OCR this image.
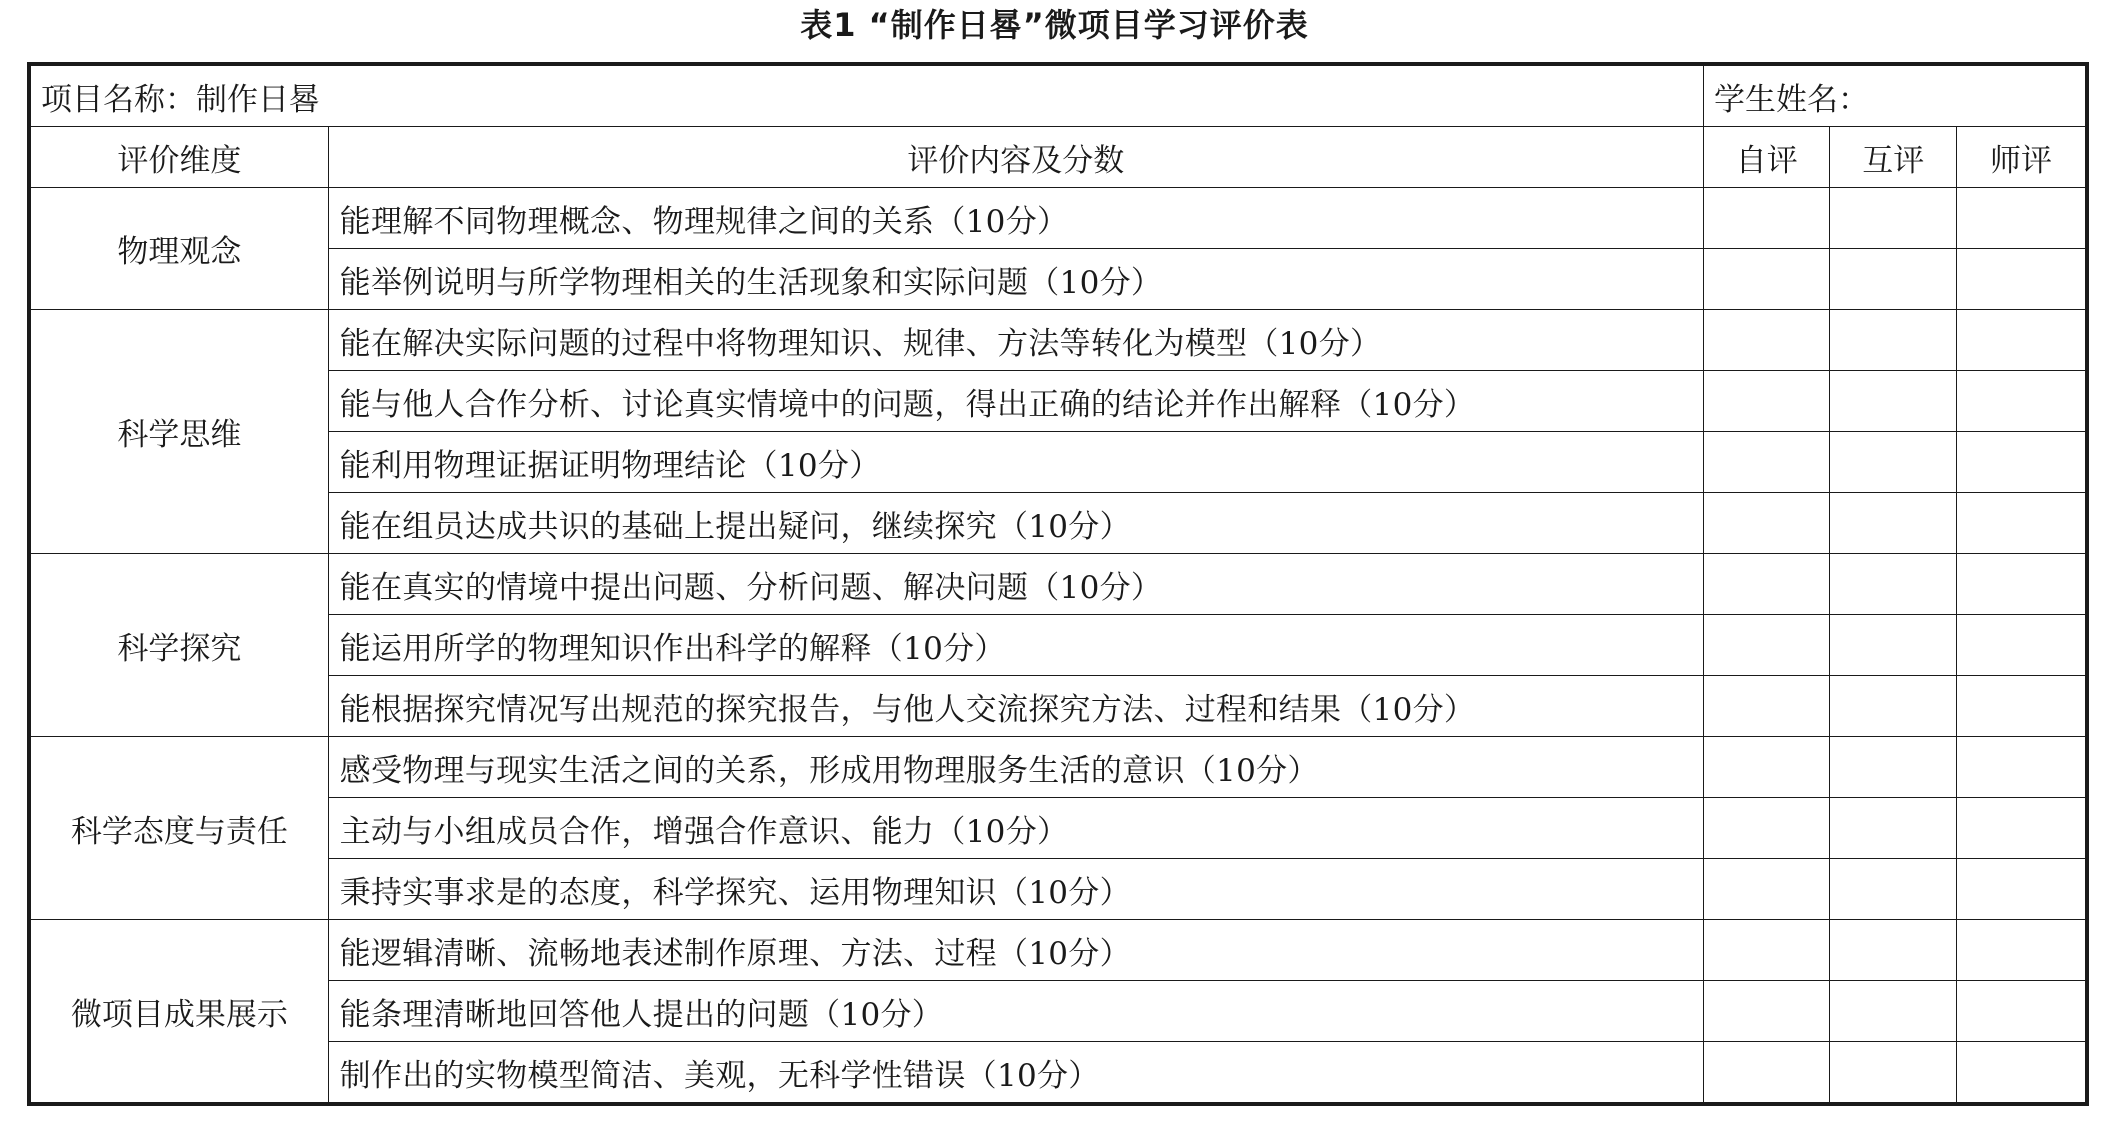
表1 “制作日晷”微项目学习评价表
项目名称：制作日晷		学生姓名：		
评价维度	评价内容及分数	自评	互评	师评
物理观念	能理解不同物理概念、物理规律之间的关系（10分）			
	能举例说明与所学物理相关的生活现象和实际问题（10分）			
科学思维	能在解决实际问题的过程中将物理知识、规律、方法等转化为模型（10分）			
	能与他人合作分析、讨论真实情境中的问题，得出正确的结论并作出解释（10分）			
	能利用物理证据证明物理结论（10分）			
	能在组员达成共识的基础上提出疑问，继续探究（10分）			
科学探究	能在真实的情境中提出问题、分析问题、解决问题（10分）			
	能运用所学的物理知识作出科学的解释（10分）			
	能根据探究情况写出规范的探究报告，与他人交流探究方法、过程和结果（10分）			
科学态度与责任	感受物理与现实生活之间的关系，形成用物理服务生活的意识（10分）			
	主动与小组成员合作，增强合作意识、能力（10分）			
	秉持实事求是的态度，科学探究、运用物理知识（10分）			
微项目成果展示	能逻辑清晰、流畅地表述制作原理、方法、过程（10分）			
	能条理清晰地回答他人提出的问题（10分）			
	制作出的实物模型简洁、美观，无科学性错误（10分）			
